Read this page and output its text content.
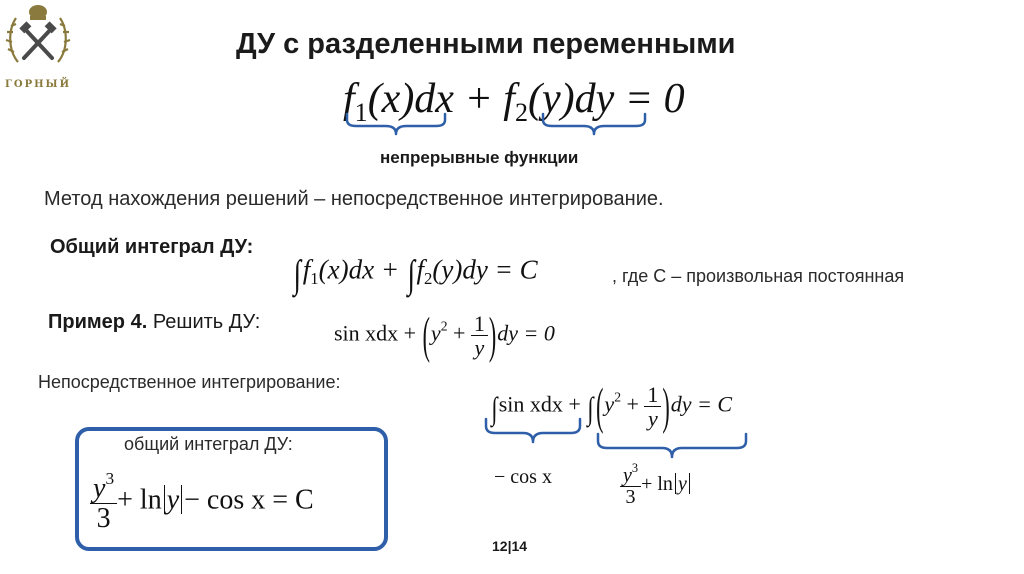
ГОРНЫЙ
ДУ с разделенными переменными
$f_1(x)dx + f_2(y)dy = 0$
непрерывные функции
Метод нахождения решений – непосредственное интегрирование.
Общий интеграл ДУ:
$\int f_1(x)dx + \int f_2(y)dy = C$	, где C – произвольная постоянная
Пример 4. Решить ДУ:	sin xdx + $(y^2 + \frac{1}{y} )dy = 0$
Непосредственное интегрирование:
∫sin xdx + ∫ $(y^2 + \frac{1}{y} )dy = C$
− cos x	$\frac{y^3}{3} + \ln y$
общий интеграл ДУ:
$\frac{y^3}{3} + \ln y - \cos x = C$
12|14
